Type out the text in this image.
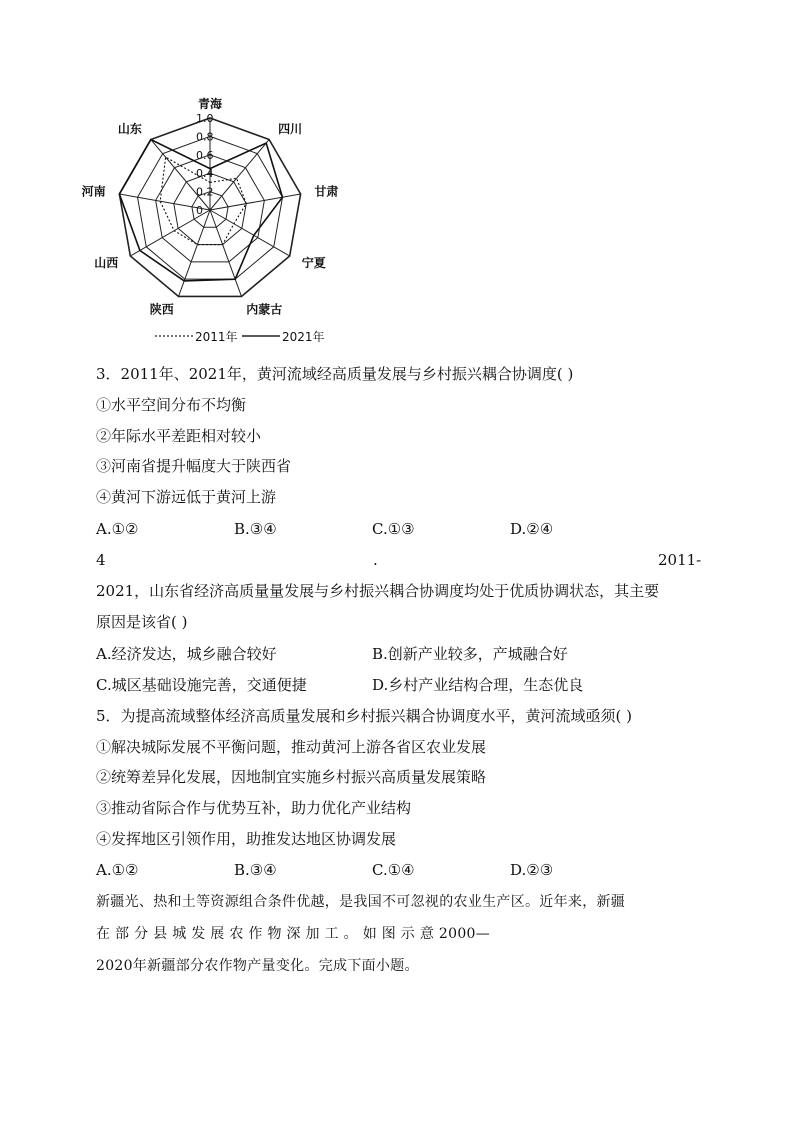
1.0
0.8
0.6
0.4
0.2
0
青海
四川
甘肃
宁夏
内蒙古
陕西
山西
河南
山东
2011年	2021年
3．2011年、2021年，黄河流域经高质量发展与乡村振兴耦合协调度( )
①水平空间分布不均衡
②年际水平差距相对较小
③河南省提升幅度大于陕西省
④黄河下游远低于黄河上游
A.①②	B.③④	C.①③	D.②④
4	.	2011-
2021，山东省经济高质量量发展与乡村振兴耦合协调度均处于优质协调状态，其主要
原因是该省( )
A.经济发达，城乡融合较好	B.创新产业较多，产城融合好
C.城区基础设施完善，交通便捷	D.乡村产业结构合理，生态优良
5．为提高流域整体经济高质量发展和乡村振兴耦合协调度水平，黄河流域亟须( )
①解决城际发展不平衡问题，推动黄河上游各省区农业发展
②统筹差异化发展，因地制宜实施乡村振兴高质量发展策略
③推动省际合作与优势互补，助力优化产业结构
④发挥地区引领作用，助推发达地区协调发展
A.①②	B.③④	C.①④	D.②③
新疆光、热和土等资源组合条件优越，是我国不可忽视的农业生产区。近年来，新疆
在 部 分 县 城 发 展 农 作 物 深 加 工 。 如 图 示 意 2000—
2020年新疆部分农作物产量变化。完成下面小题。
